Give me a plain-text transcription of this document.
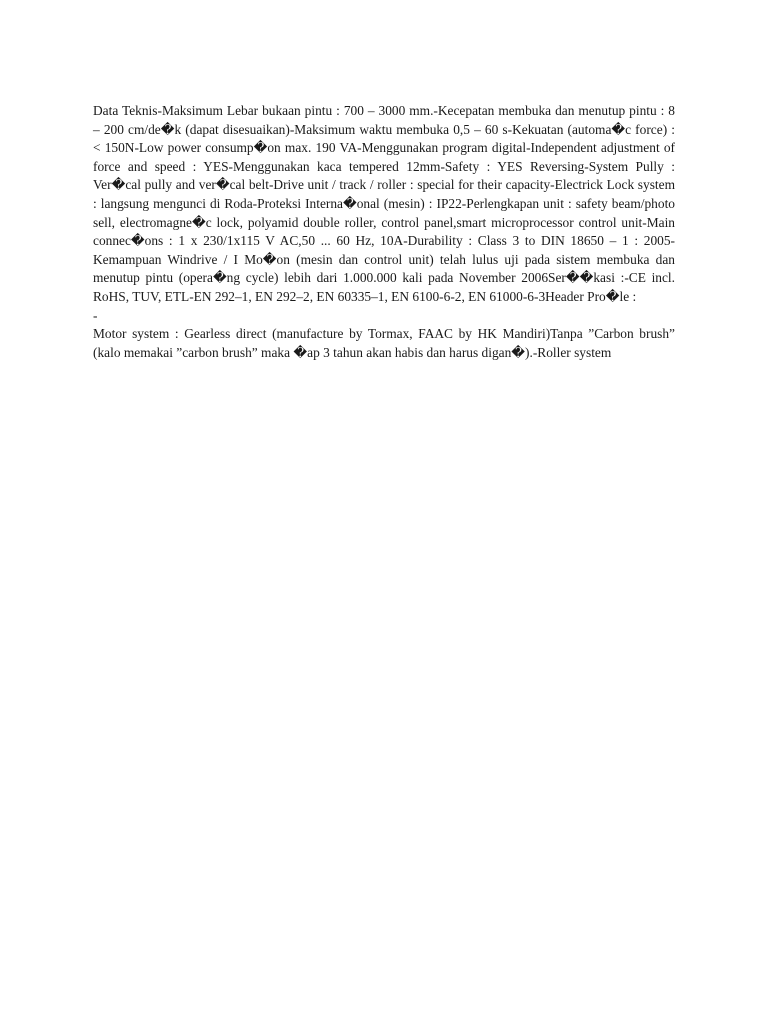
Data Teknis-Maksimum Lebar bukaan pintu : 700 – 3000 mm.-Kecepatan membuka dan menutup pintu : 8 – 200 cm/de�k (dapat disesuaikan)-Maksimum waktu membuka 0,5 – 60 s-Kekuatan (automa�c force) : < 150N-Low power consump�on max. 190 VA-Menggunakan program digital-Independent adjustment of force and speed : YES-Menggunakan kaca tempered 12mm-Safety : YES Reversing-System Pully : Ver�cal pully and ver�cal belt-Drive unit / track / roller : special for their capacity-Electrick Lock system : langsung mengunci di Roda-Proteksi Interna�onal (mesin) : IP22-Perlengkapan unit : safety beam/photo sell, electromagne�c lock, polyamid double roller, control panel,smart microprocessor control unit-Main connec�ons : 1 x 230/1x115 V AC,50 ... 60 Hz, 10A-Durability : Class 3 to DIN 18650 – 1 : 2005-Kemampuan Windrive / I Mo�on (mesin dan control unit) telah lulus uji pada sistem membuka dan menutup pintu (opera�ng cycle) lebih dari 1.000.000 kali pada November 2006Ser��kasi :-CE incl. RoHS, TUV, ETL-EN 292–1, EN 292–2, EN 60335–1, EN 6100-6-2, EN 61000-6-3Header Pro�le :

-

Motor system : Gearless direct (manufacture by Tormax, FAAC by HK Mandiri)Tanpa ”Carbon brush” (kalo memakai ”carbon brush” maka �ap 3 tahun akan habis dan harus digan�).-Roller system
